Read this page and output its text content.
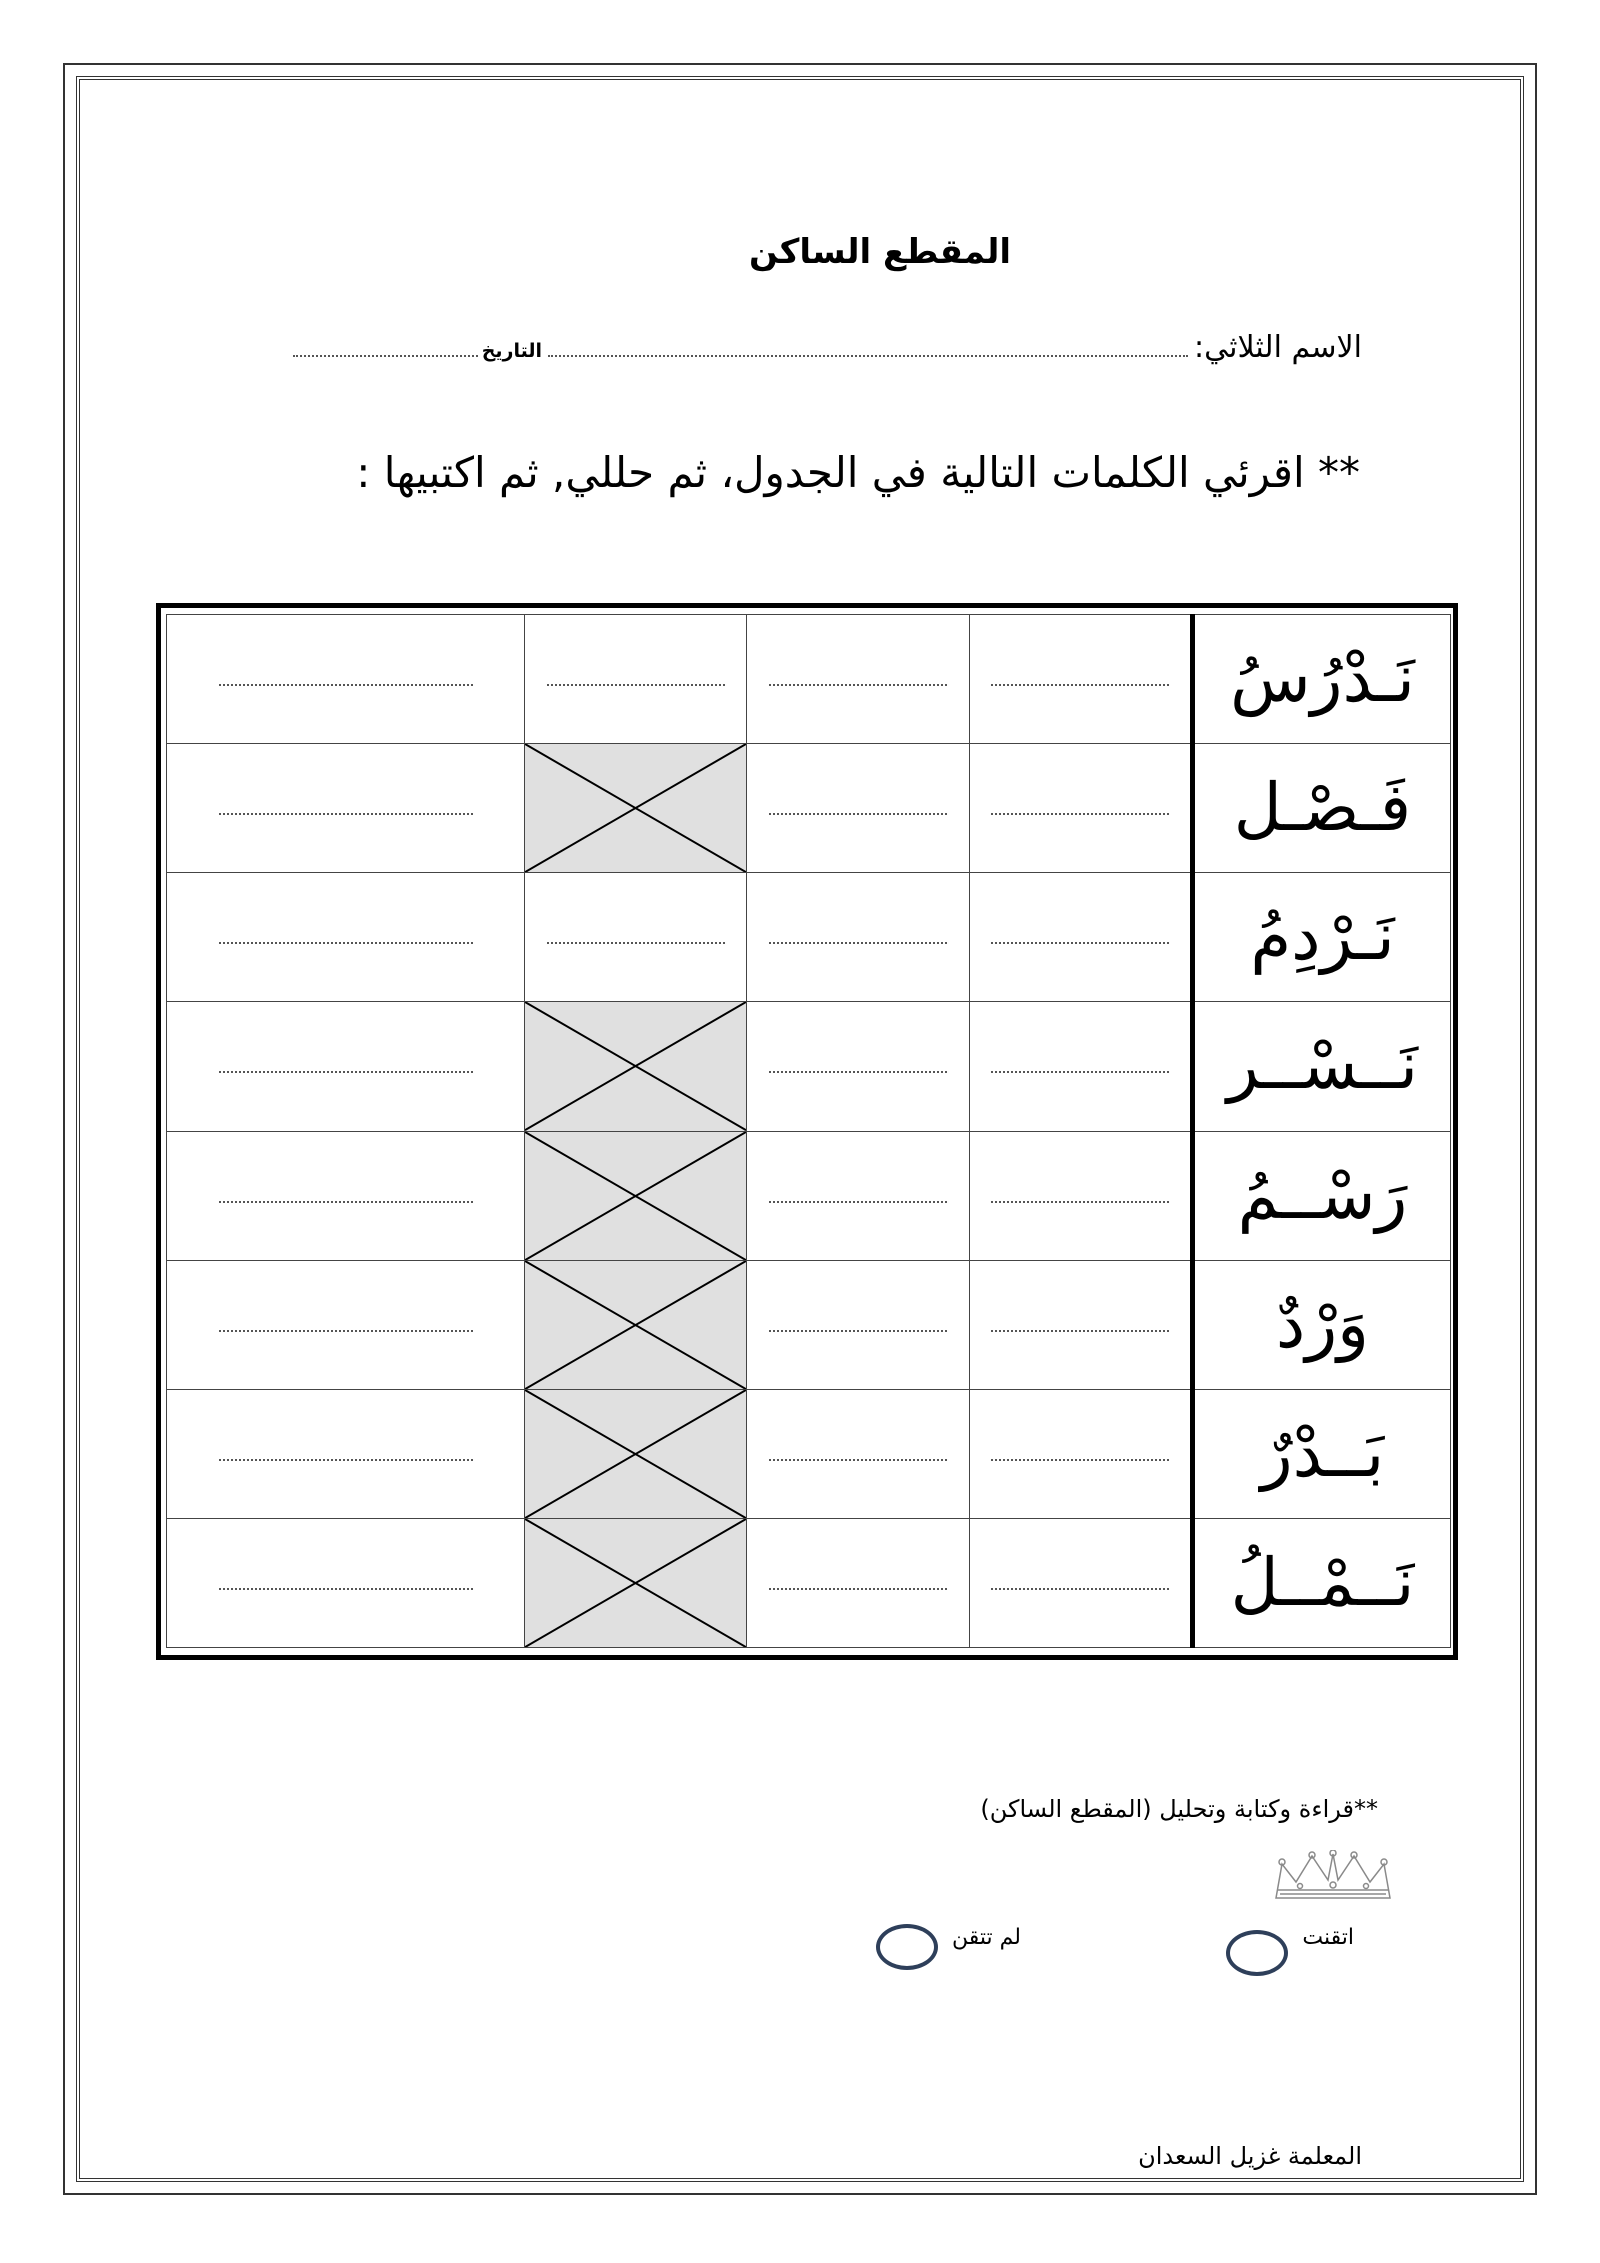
المقطع الساكن
الاسم الثلاثي:
التاريخ
** اقرئي الكلمات التالية في الجدول، ثم حللي, ثم اكتبيها :
				نَـدْرُسُ

			فَـصْـل
				نَـرْدِمُ

			نَــسْــر

			رَسْــمُ

			وَرْدٌ

			بَــدْرٌ

			نَــمْــلُ
**قراءة وكتابة وتحليل (المقطع الساكن)
اتقنت
لم تتقن
المعلمة غزيل السعدان
